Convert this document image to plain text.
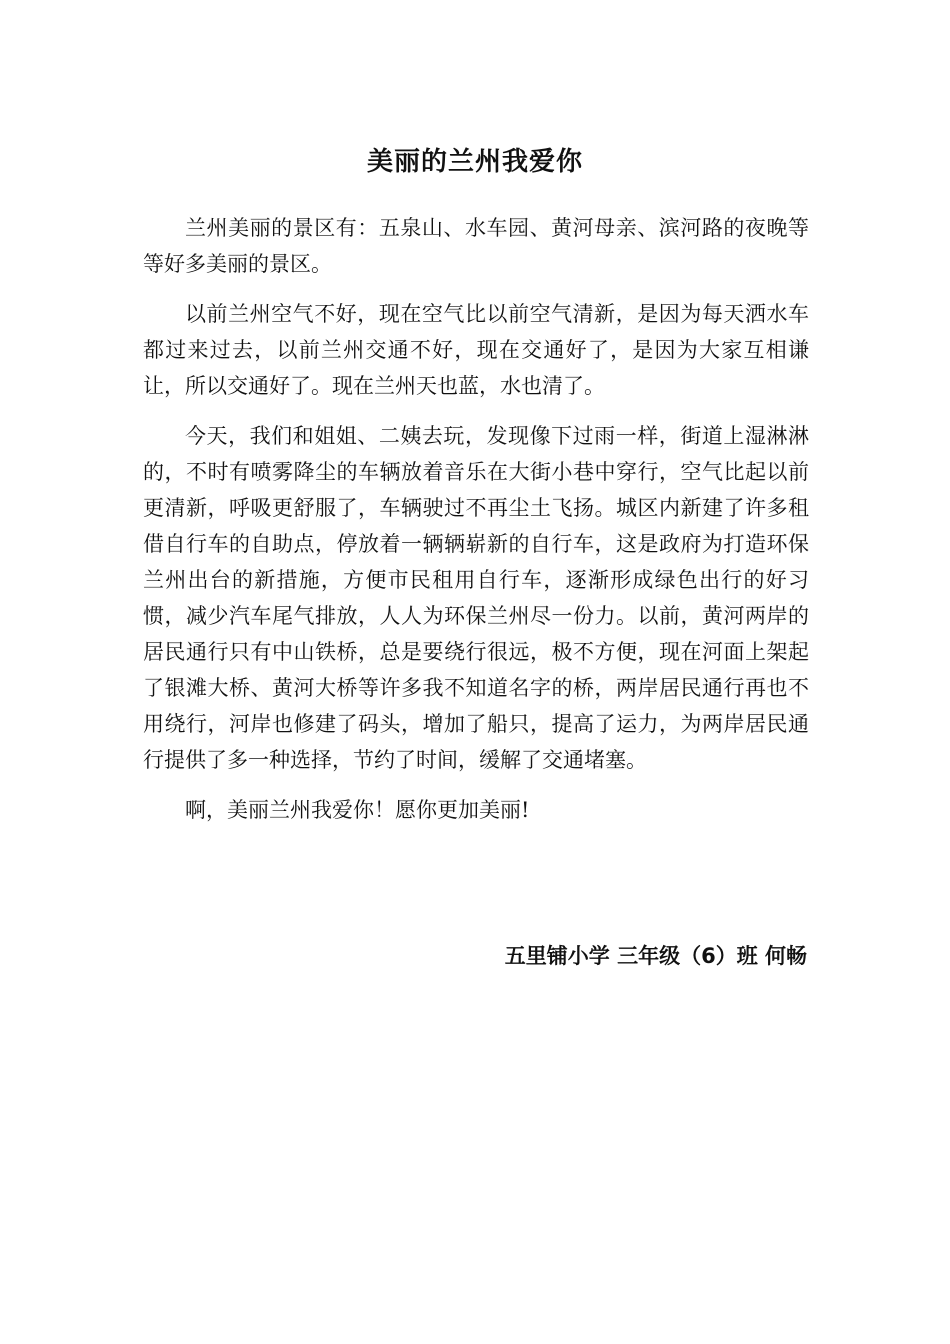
美丽的兰州我爱你

兰州美丽的景区有：五泉山、水车园、黄河母亲、滨河路的夜晚等等好多美丽的景区。

以前兰州空气不好，现在空气比以前空气清新，是因为每天洒水车都过来过去，以前兰州交通不好，现在交通好了，是因为大家互相谦让，所以交通好了。现在兰州天也蓝，水也清了。

今天，我们和姐姐、二姨去玩，发现像下过雨一样，街道上湿淋淋的，不时有喷雾降尘的车辆放着音乐在大街小巷中穿行，空气比起以前更清新，呼吸更舒服了，车辆驶过不再尘土飞扬。城区内新建了许多租借自行车的自助点，停放着一辆辆崭新的自行车，这是政府为打造环保兰州出台的新措施，方便市民租用自行车，逐渐形成绿色出行的好习惯，减少汽车尾气排放，人人为环保兰州尽一份力。以前，黄河两岸的居民通行只有中山铁桥，总是要绕行很远，极不方便，现在河面上架起了银滩大桥、黄河大桥等许多我不知道名字的桥，两岸居民通行再也不用绕行，河岸也修建了码头，增加了船只，提高了运力，为两岸居民通行提供了多一种选择，节约了时间，缓解了交通堵塞。

啊，美丽兰州我爱你！愿你更加美丽!

五里铺小学 三年级（6）班 何畅
